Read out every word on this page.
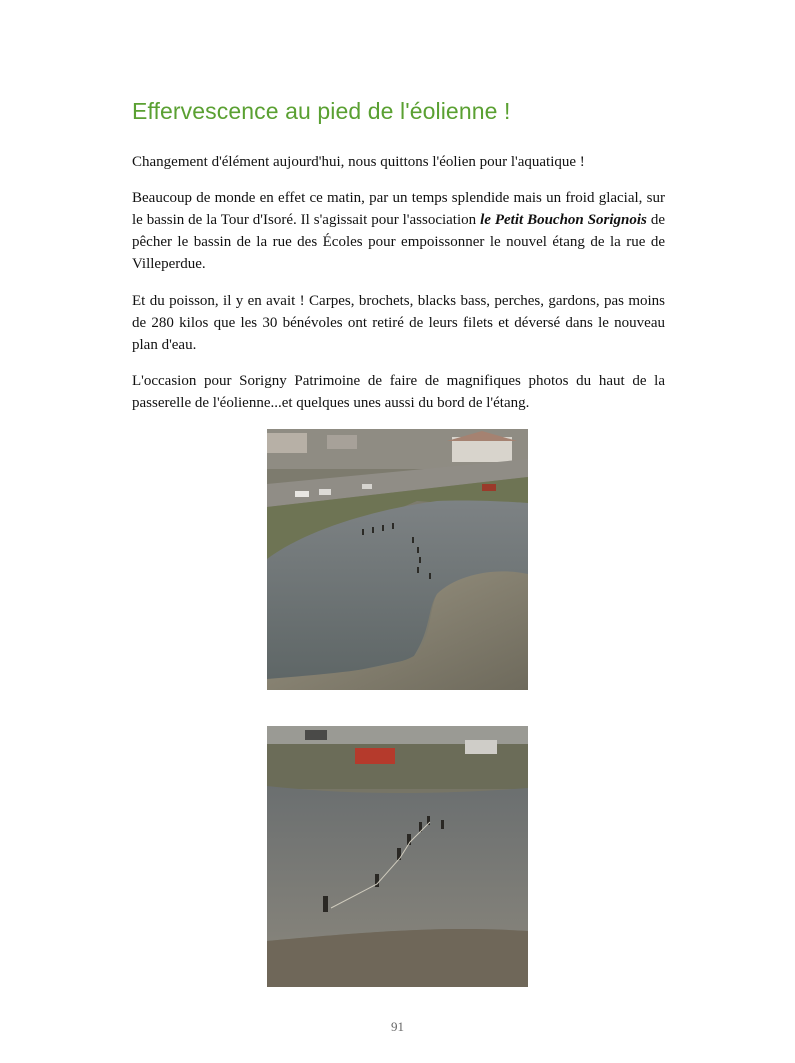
Effervescence au pied de l'éolienne !

Changement d'élément aujourd'hui, nous quittons l'éolien pour l'aquatique !

Beaucoup de monde en effet ce matin, par un temps splendide mais un froid glacial, sur le bassin de la Tour d'Isoré. Il s'agissait pour l'association le Petit Bouchon Sorignois de pêcher le bassin de la rue des Écoles pour empoissonner le nouvel étang de la rue de Villeperdue.

Et du poisson, il y en avait ! Carpes, brochets, blacks bass, perches, gardons, pas moins de 280 kilos que les 30 bénévoles ont retiré de leurs filets et déversé dans le nouveau plan d'eau.

L'occasion pour Sorigny Patrimoine de faire de magnifiques photos du haut de la passerelle de l'éolienne...et quelques unes aussi du bord de l'étang.

91
